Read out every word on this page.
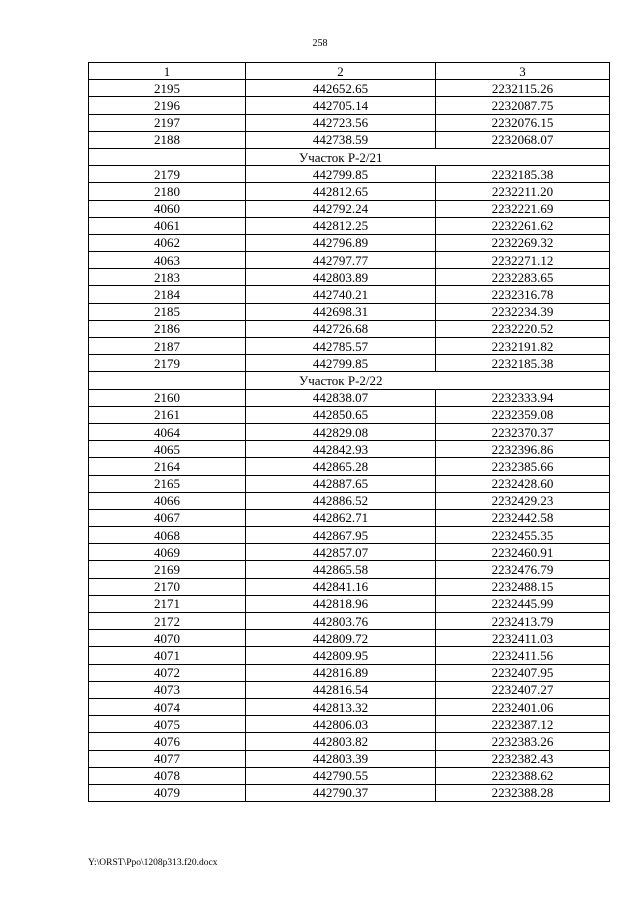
258
1	2	3
2195	442652.65	2232115.26
2196	442705.14	2232087.75
2197	442723.56	2232076.15
2188	442738.59	2232068.07
	Участок Р-2/21	
2179	442799.85	2232185.38
2180	442812.65	2232211.20
4060	442792.24	2232221.69
4061	442812.25	2232261.62
4062	442796.89	2232269.32
4063	442797.77	2232271.12
2183	442803.89	2232283.65
2184	442740.21	2232316.78
2185	442698.31	2232234.39
2186	442726.68	2232220.52
2187	442785.57	2232191.82
2179	442799.85	2232185.38
	Участок Р-2/22	
2160	442838.07	2232333.94
2161	442850.65	2232359.08
4064	442829.08	2232370.37
4065	442842.93	2232396.86
2164	442865.28	2232385.66
2165	442887.65	2232428.60
4066	442886.52	2232429.23
4067	442862.71	2232442.58
4068	442867.95	2232455.35
4069	442857.07	2232460.91
2169	442865.58	2232476.79
2170	442841.16	2232488.15
2171	442818.96	2232445.99
2172	442803.76	2232413.79
4070	442809.72	2232411.03
4071	442809.95	2232411.56
4072	442816.89	2232407.95
4073	442816.54	2232407.27
4074	442813.32	2232401.06
4075	442806.03	2232387.12
4076	442803.82	2232383.26
4077	442803.39	2232382.43
4078	442790.55	2232388.62
4079	442790.37	2232388.28
Y:\ORST\Ppo\1208p313.f20.docx
